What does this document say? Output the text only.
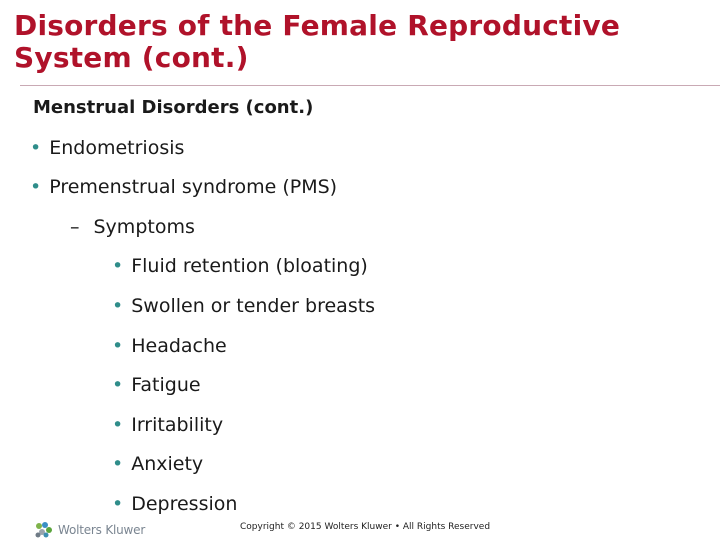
Disorders of the Female Reproductive System (cont.)
Menstrual Disorders (cont.)
• Endometriosis
• Premenstrual syndrome (PMS)
– Symptoms
• Fluid retention (bloating)
• Swollen or tender breasts
• Headache
• Fatigue
• Irritability
• Anxiety
• Depression
Wolters Kluwer	Copyright © 2015 Wolters Kluwer • All Rights Reserved
